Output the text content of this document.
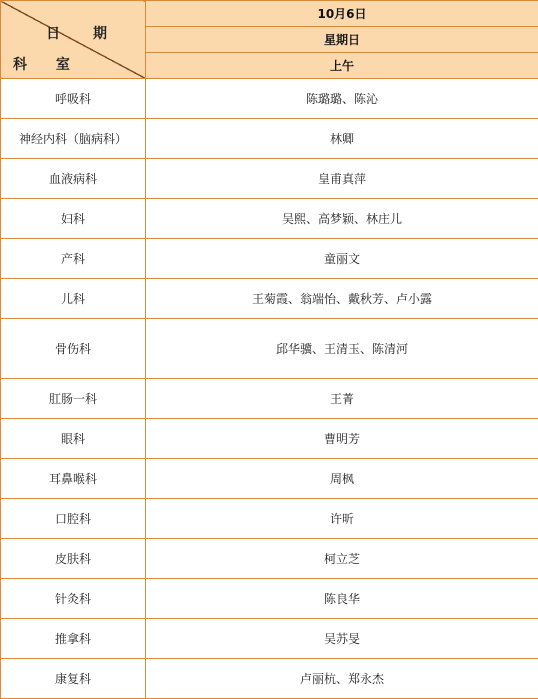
日 期
科 室	10月6日
	星期日
	上午
呼吸科	陈璐璐、陈沁
神经内科（脑病科）	林卿
血液病科	皇甫真萍
妇科	吴熙、高梦颖、林庄儿
产科	童丽文
儿科	王菊霞、翁端怡、戴秋芳、卢小露
骨伤科	邱华骥、王清玉、陈清河
肛肠一科	王菁
眼科	曹明芳
耳鼻喉科	周枫
口腔科	许昕
皮肤科	柯立芝
针灸科	陈良华
推拿科	吴苏旻
康复科	卢丽杭、郑永杰
